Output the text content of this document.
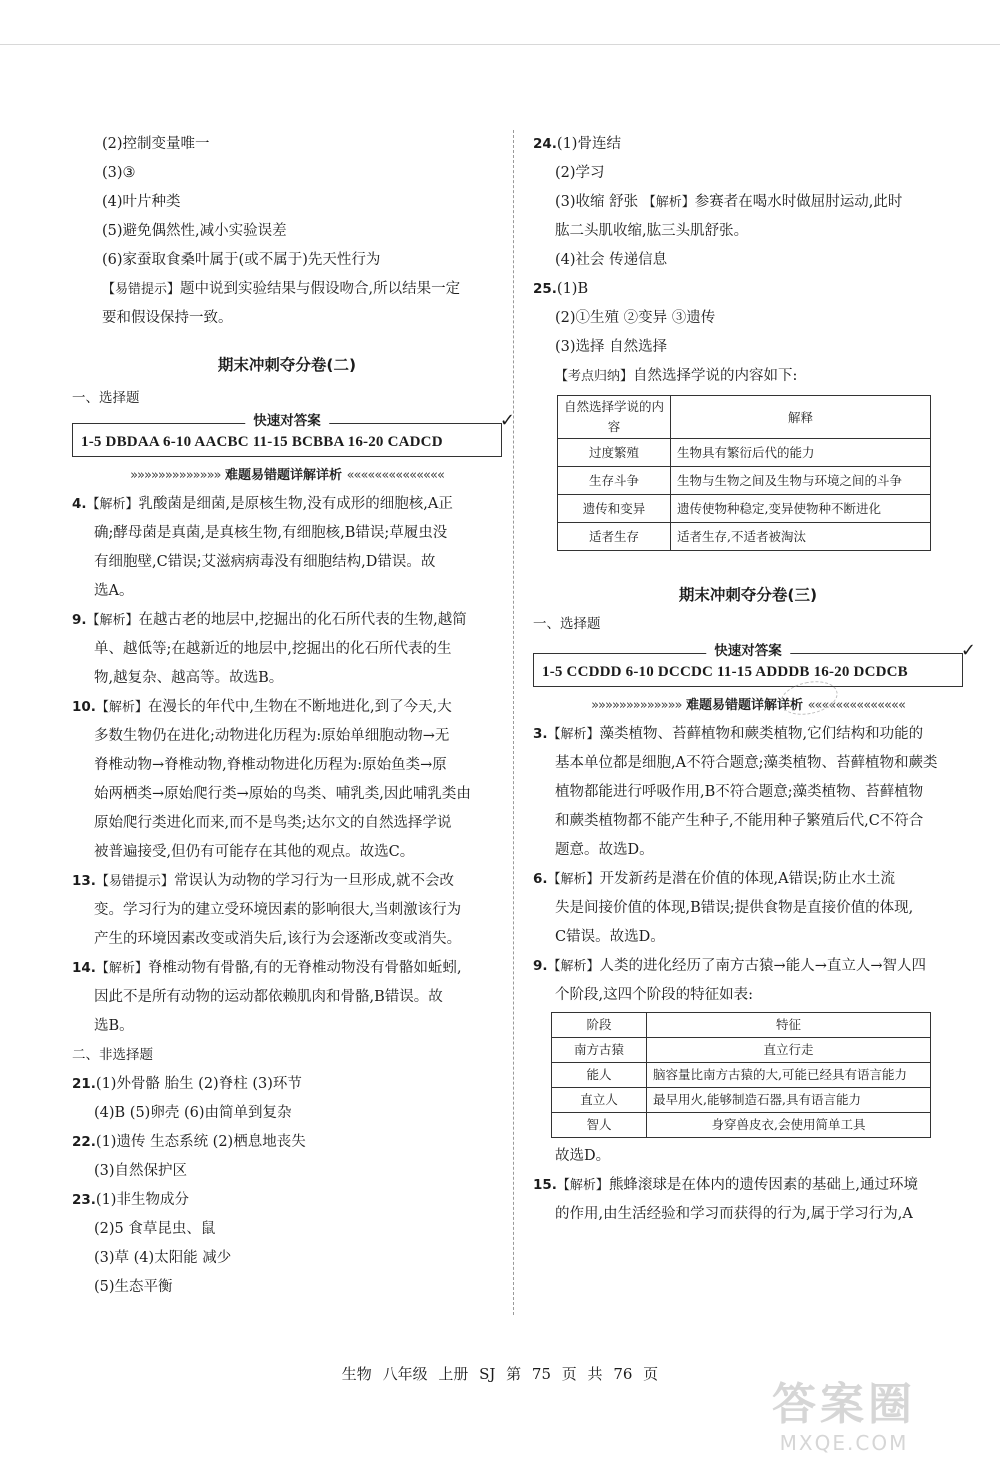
(2)控制变量唯一
(3)③
(4)叶片种类
(5)避免偶然性,减小实验误差
(6)家蚕取食桑叶属于(或不属于)先天性行为
【易错提示】题中说到实验结果与假设吻合,所以结果一定
要和假设保持一致。
期末冲刺夺分卷(二)
一、选择题
快速对答案
1-5 DBDAA 6-10 AACBC 11-15 BCBBA 16-20 CADCD
✓
»»»»»»»»»»»»» 难题易错题详解详析 ««««««««««««««
4.【解析】乳酸菌是细菌,是原核生物,没有成形的细胞核,A正
确;酵母菌是真菌,是真核生物,有细胞核,B错误;草履虫没
有细胞壁,C错误;艾滋病病毒没有细胞结构,D错误。故
选A。
9.【解析】在越古老的地层中,挖掘出的化石所代表的生物,越简
单、越低等;在越新近的地层中,挖掘出的化石所代表的生
物,越复杂、越高等。故选B。
10.【解析】在漫长的年代中,生物在不断地进化,到了今天,大
多数生物仍在进化;动物进化历程为:原始单细胞动物→无
脊椎动物→脊椎动物,脊椎动物进化历程为:原始鱼类→原
始两栖类→原始爬行类→原始的鸟类、哺乳类,因此哺乳类由
原始爬行类进化而来,而不是鸟类;达尔文的自然选择学说
被普遍接受,但仍有可能存在其他的观点。故选C。
13.【易错提示】常误认为动物的学习行为一旦形成,就不会改
变。学习行为的建立受环境因素的影响很大,当刺激该行为
产生的环境因素改变或消失后,该行为会逐渐改变或消失。
14.【解析】脊椎动物有骨骼,有的无脊椎动物没有骨骼如蚯蚓,
因此不是所有动物的运动都依赖肌肉和骨骼,B错误。故
选B。
二、非选择题
21.(1)外骨骼 胎生 (2)脊柱 (3)环节
(4)B (5)卵壳 (6)由简单到复杂
22.(1)遗传 生态系统 (2)栖息地丧失
(3)自然保护区
23.(1)非生物成分
(2)5 食草昆虫、鼠
(3)草 (4)太阳能 减少
(5)生态平衡
24.(1)骨连结
(2)学习
(3)收缩 舒张 【解析】参赛者在喝水时做屈肘运动,此时
肱二头肌收缩,肱三头肌舒张。
(4)社会 传递信息
25.(1)B
(2)①生殖 ②变异 ③遗传
(3)选择 自然选择
【考点归纳】自然选择学说的内容如下:
自然选择学说的内容	解释
过度繁殖	生物具有繁衍后代的能力
生存斗争	生物与生物之间及生物与环境之间的斗争
遗传和变异	遗传使物种稳定,变异使物种不断进化
适者生存	适者生存,不适者被淘汰
期末冲刺夺分卷(三)
一、选择题
快速对答案
1-5 CCDDD 6-10 DCCDC 11-15 ADDDB 16-20 DCDCB
✓
»»»»»»»»»»»»» 难题易错题详解详析 ««««««««««««««
3.【解析】藻类植物、苔藓植物和蕨类植物,它们结构和功能的
基本单位都是细胞,A不符合题意;藻类植物、苔藓植物和蕨类
植物都能进行呼吸作用,B不符合题意;藻类植物、苔藓植物
和蕨类植物都不能产生种子,不能用种子繁殖后代,C不符合
题意。故选D。
6.【解析】开发新药是潜在价值的体现,A错误;防止水土流
失是间接价值的体现,B错误;提供食物是直接价值的体现,
C错误。故选D。
9.【解析】人类的进化经历了南方古猿→能人→直立人→智人四
个阶段,这四个阶段的特征如表:
阶段	特征
南方古猿	直立行走
能人	脑容量比南方古猿的大,可能已经具有语言能力
直立人	最早用火,能够制造石器,具有语言能力
智人	身穿兽皮衣,会使用简单工具
故选D。
15.【解析】熊蜂滚球是在体内的遗传因素的基础上,通过环境
的作用,由生活经验和学习而获得的行为,属于学习行为,A
生物 八年级 上册 SJ 第 75 页 共 76 页
答案圈
MXQE.COM
